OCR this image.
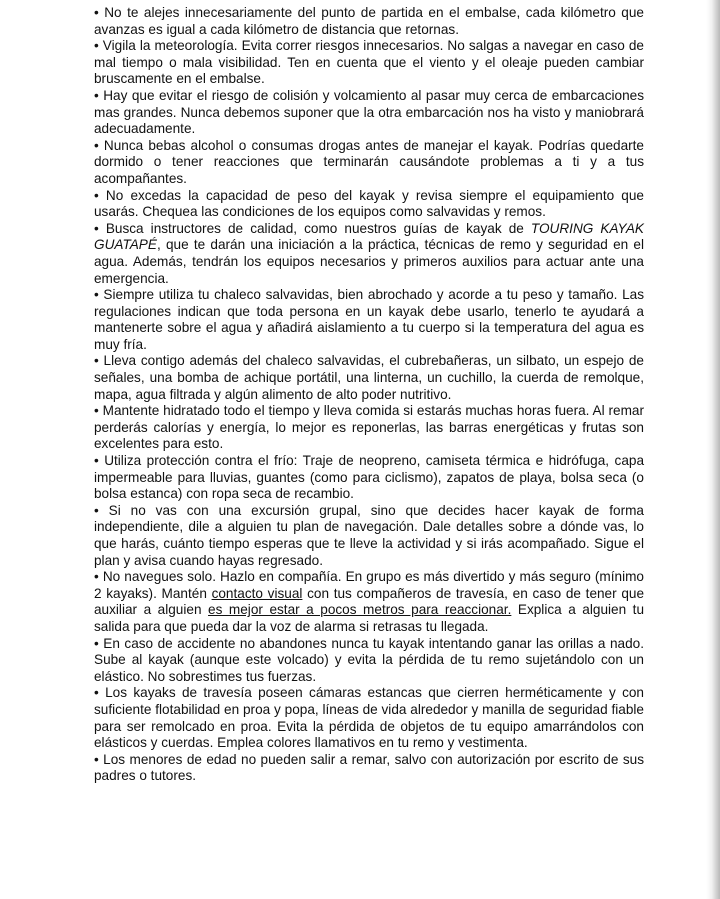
• No te alejes innecesariamente del punto de partida en el embalse, cada kilómetro que avanzas es igual a cada kilómetro de distancia que retornas.

• Vigila la meteorología. Evita correr riesgos innecesarios. No salgas a navegar en caso de mal tiempo o mala visibilidad. Ten en cuenta que el viento y el oleaje pueden cambiar bruscamente en el embalse.

• Hay que evitar el riesgo de colisión y volcamiento al pasar muy cerca de embarcaciones mas grandes. Nunca debemos suponer que la otra embarcación nos ha visto y maniobrará adecuadamente.

• Nunca bebas alcohol o consumas drogas antes de manejar el kayak. Podrías quedarte dormido o tener reacciones que terminarán causándote problemas a ti y a tus acompañantes.

• No excedas la capacidad de peso del kayak y revisa siempre el equipamiento que usarás. Chequea las condiciones de los equipos como salvavidas y remos.

• Busca instructores de calidad, como nuestros guías de kayak de TOURING KAYAK GUATAPÉ, que te darán una iniciación a la práctica, técnicas de remo y seguridad en el agua. Además, tendrán los equipos necesarios y primeros auxilios para actuar ante una emergencia.

• Siempre utiliza tu chaleco salvavidas, bien abrochado y acorde a tu peso y tamaño. Las regulaciones indican que toda persona en un kayak debe usarlo, tenerlo te ayudará a mantenerte sobre el agua y añadirá aislamiento a tu cuerpo si la temperatura del agua es muy fría.

• Lleva contigo además del chaleco salvavidas, el cubrebañeras, un silbato, un espejo de señales, una bomba de achique portátil, una linterna, un cuchillo, la cuerda de remolque, mapa, agua filtrada y algún alimento de alto poder nutritivo.

• Mantente hidratado todo el tiempo y lleva comida si estarás muchas horas fuera. Al remar perderás calorías y energía, lo mejor es reponerlas, las barras energéticas y frutas son excelentes para esto.

• Utiliza protección contra el frío: Traje de neopreno, camiseta térmica e hidrófuga, capa impermeable para lluvias, guantes (como para ciclismo), zapatos de playa, bolsa seca (o bolsa estanca) con ropa seca de recambio.

• Si no vas con una excursión grupal, sino que decides hacer kayak de forma independiente, dile a alguien tu plan de navegación. Dale detalles sobre a dónde vas, lo que harás, cuánto tiempo esperas que te lleve la actividad y si irás acompañado. Sigue el plan y avisa cuando hayas regresado.

• No navegues solo. Hazlo en compañía. En grupo es más divertido y más seguro (mínimo 2 kayaks). Mantén contacto visual con tus compañeros de travesía, en caso de tener que auxiliar a alguien es mejor estar a pocos metros para reaccionar. Explica a alguien tu salida para que pueda dar la voz de alarma si retrasas tu llegada.

• En caso de accidente no abandones nunca tu kayak intentando ganar las orillas a nado. Sube al kayak (aunque este volcado) y evita la pérdida de tu remo sujetándolo con un elástico. No sobrestimes tus fuerzas.

• Los kayaks de travesía poseen cámaras estancas que cierren herméticamente y con suficiente flotabilidad en proa y popa, líneas de vida alrededor y manilla de seguridad fiable para ser remolcado en proa. Evita la pérdida de objetos de tu equipo amarrándolos con elásticos y cuerdas. Emplea colores llamativos en tu remo y vestimenta.

• Los menores de edad no pueden salir a remar, salvo con autorización por escrito de sus padres o tutores.
